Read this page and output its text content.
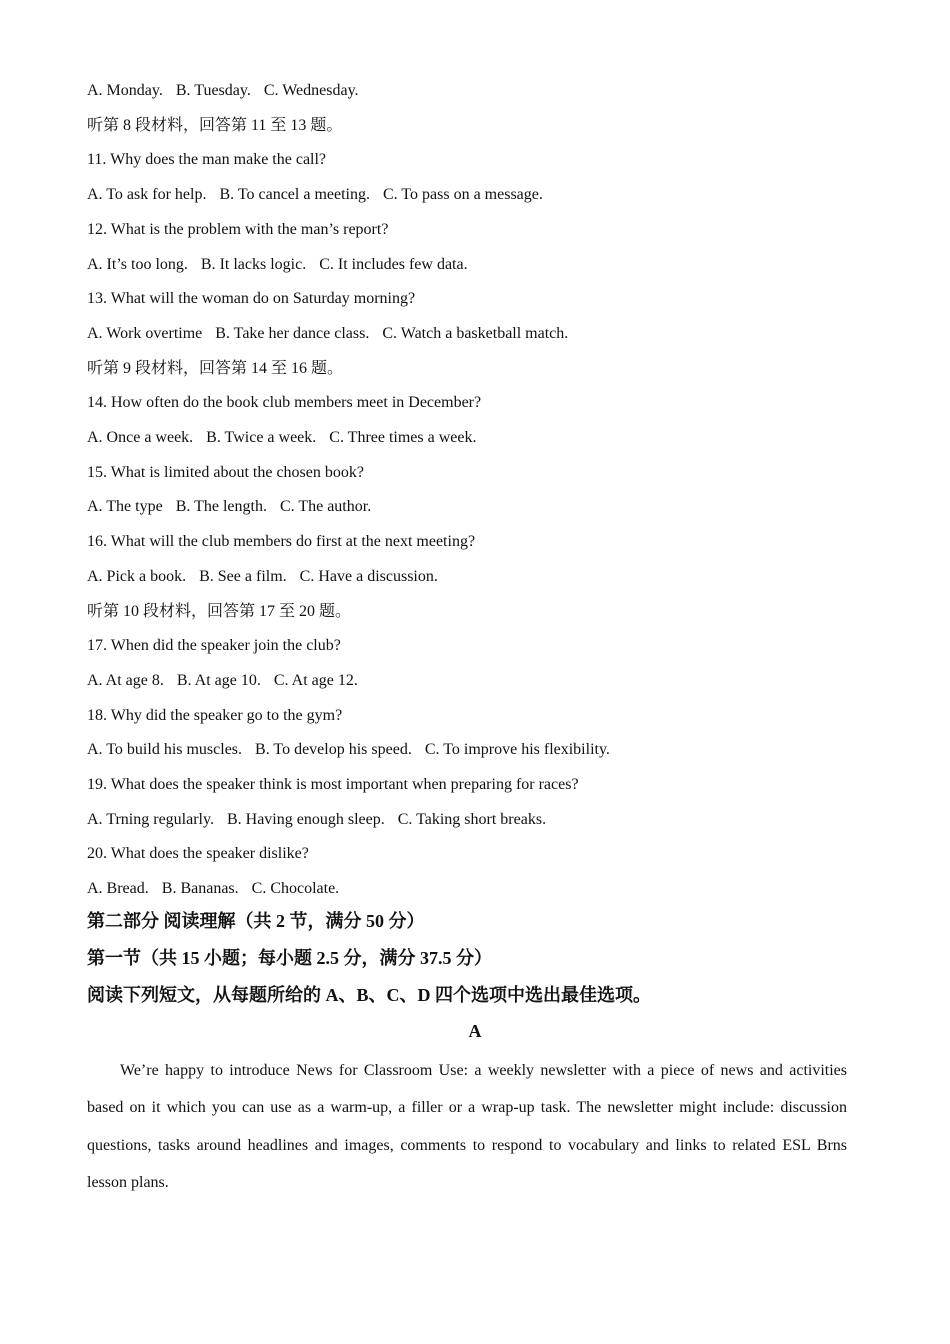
A. Monday. B. Tuesday. C. Wednesday.
听第 8 段材料，回答第 11 至 13 题。
11. Why does the man make the call?
A. To ask for help. B. To cancel a meeting. C. To pass on a message.
12. What is the problem with the man’s report?
A. It’s too long. B. It lacks logic. C. It includes few data.
13. What will the woman do on Saturday morning?
A. Work overtime B. Take her dance class. C. Watch a basketball match.
听第 9 段材料，回答第 14 至 16 题。
14. How often do the book club members meet in December?
A. Once a week. B. Twice a week. C. Three times a week.
15. What is limited about the chosen book?
A. The type B. The length. C. The author.
16. What will the club members do first at the next meeting?
A. Pick a book. B. See a film. C. Have a discussion.
听第 10 段材料，回答第 17 至 20 题。
17. When did the speaker join the club?
A. At age 8. B. At age 10. C. At age 12.
18. Why did the speaker go to the gym?
A. To build his muscles. B. To develop his speed. C. To improve his flexibility.
19. What does the speaker think is most important when preparing for races?
A. Trning regularly. B. Having enough sleep. C. Taking short breaks.
20. What does the speaker dislike?
A. Bread. B. Bananas. C. Chocolate.
第二部分 阅读理解（共 2 节，满分 50 分）
第一节（共 15 小题；每小题 2.5 分，满分 37.5 分）
阅读下列短文，从每题所给的 A、B、C、D 四个选项中选出最佳选项。
A
We’re happy to introduce News for Classroom Use: a weekly newsletter with a piece of news and activities based on it which you can use as a warm-up, a filler or a wrap-up task. The newsletter might include: discussion questions, tasks around headlines and images, comments to respond to vocabulary and links to related ESL Brns lesson plans.
